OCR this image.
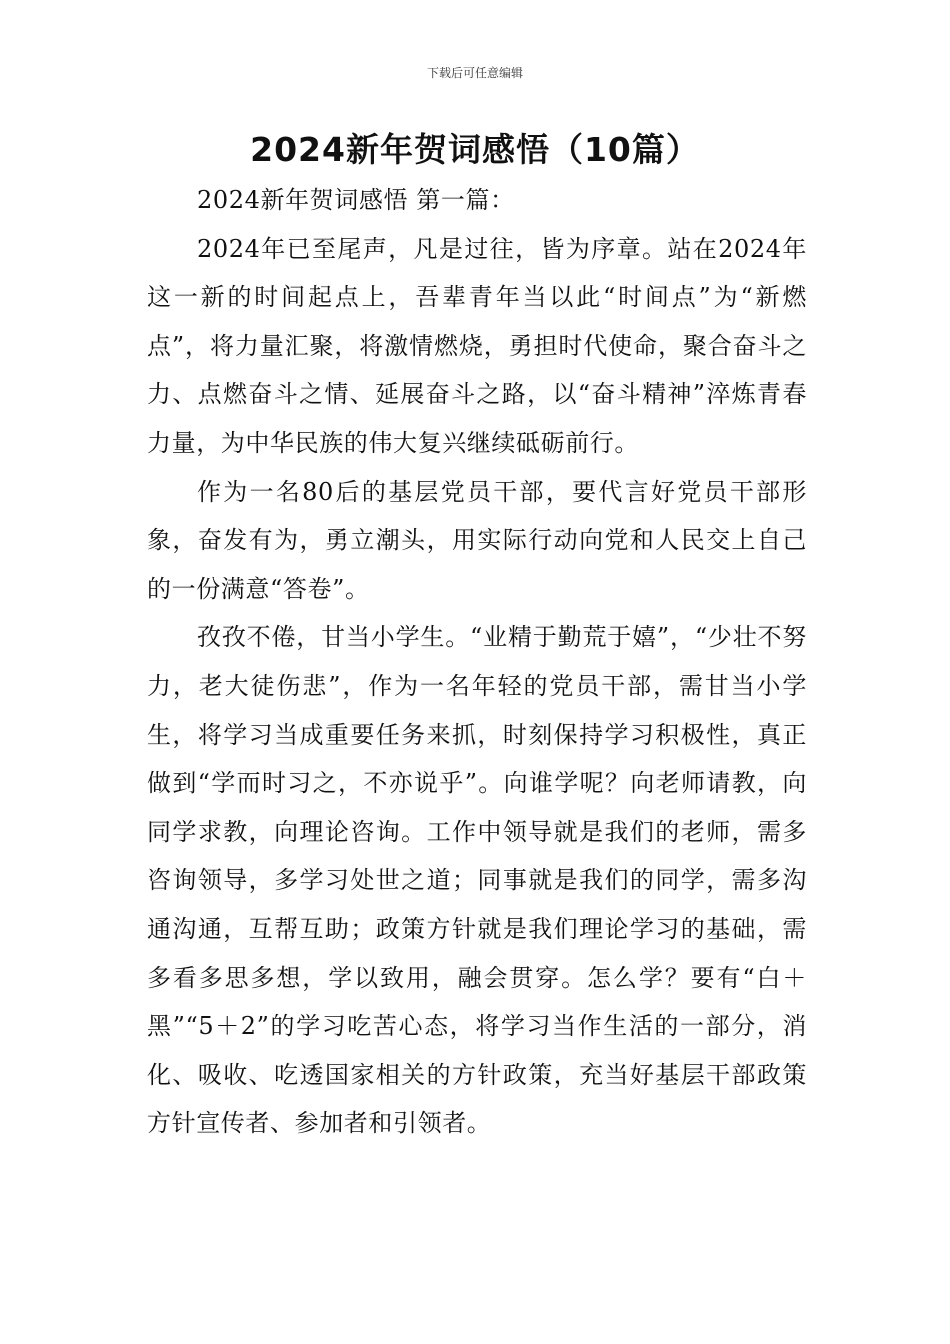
下载后可任意编辑
2024新年贺词感悟（10篇）

2024新年贺词感悟 第一篇：

2024年已至尾声，凡是过往，皆为序章。站在2024年这一新的时间起点上，吾辈青年当以此“时间点”为“新燃点”，将力量汇聚，将激情燃烧，勇担时代使命，聚合奋斗之力、点燃奋斗之情、延展奋斗之路，以“奋斗精神”淬炼青春力量，为中华民族的伟大复兴继续砥砺前行。

作为一名80后的基层党员干部，要代言好党员干部形象，奋发有为，勇立潮头，用实际行动向党和人民交上自己的一份满意“答卷”。

孜孜不倦，甘当小学生。“业精于勤荒于嬉”，“少壮不努力，老大徒伤悲”，作为一名年轻的党员干部，需甘当小学生，将学习当成重要任务来抓，时刻保持学习积极性，真正做到“学而时习之，不亦说乎”。向谁学呢？向老师请教，向同学求教，向理论咨询。工作中领导就是我们的老师，需多咨询领导，多学习处世之道；同事就是我们的同学，需多沟通沟通，互帮互助；政策方针就是我们理论学习的基础，需多看多思多想，学以致用，融会贯穿。怎么学？要有“白＋黑”“5＋2”的学习吃苦心态，将学习当作生活的一部分，消化、吸收、吃透国家相关的方针政策，充当好基层干部政策方针宣传者、参加者和引领者。
